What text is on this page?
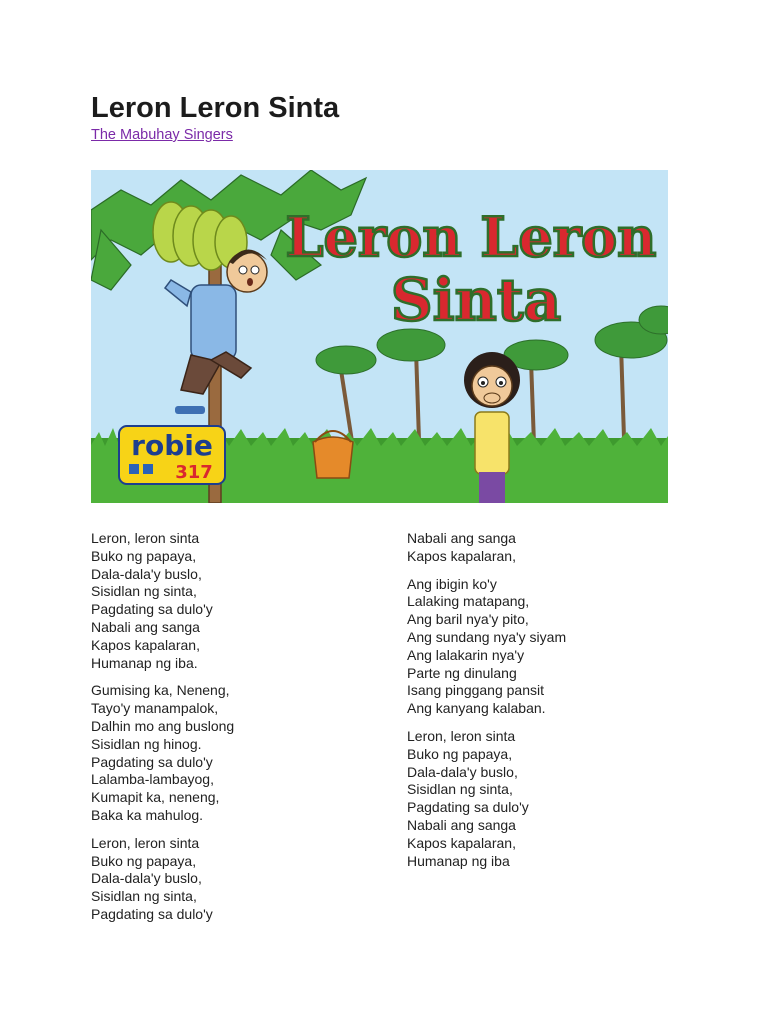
Leron Leron Sinta
The Mabuhay Singers
Leron Leron
Sinta
robie
317

Leron, leron sinta
Buko ng papaya,
Dala-dala'y buslo,
Sisidlan ng sinta,
Pagdating sa dulo'y
Nabali ang sanga
Kapos kapalaran,
Humanap ng iba.

Gumising ka, Neneng,
Tayo'y manampalok,
Dalhin mo ang buslong
Sisidlan ng hinog.
Pagdating sa dulo'y
Lalamba-lambayog,
Kumapit ka, neneng,
Baka ka mahulog.

Leron, leron sinta
Buko ng papaya,
Dala-dala'y buslo,
Sisidlan ng sinta,
Pagdating sa dulo'y

Nabali ang sanga
Kapos kapalaran,

Ang ibigin ko'y
Lalaking matapang,
Ang baril nya'y pito,
Ang sundang nya'y siyam
Ang lalakarin nya'y
Parte ng dinulang
Isang pinggang pansit
Ang kanyang kalaban.

Leron, leron sinta
Buko ng papaya,
Dala-dala'y buslo,
Sisidlan ng sinta,
Pagdating sa dulo'y
Nabali ang sanga
Kapos kapalaran,
Humanap ng iba
